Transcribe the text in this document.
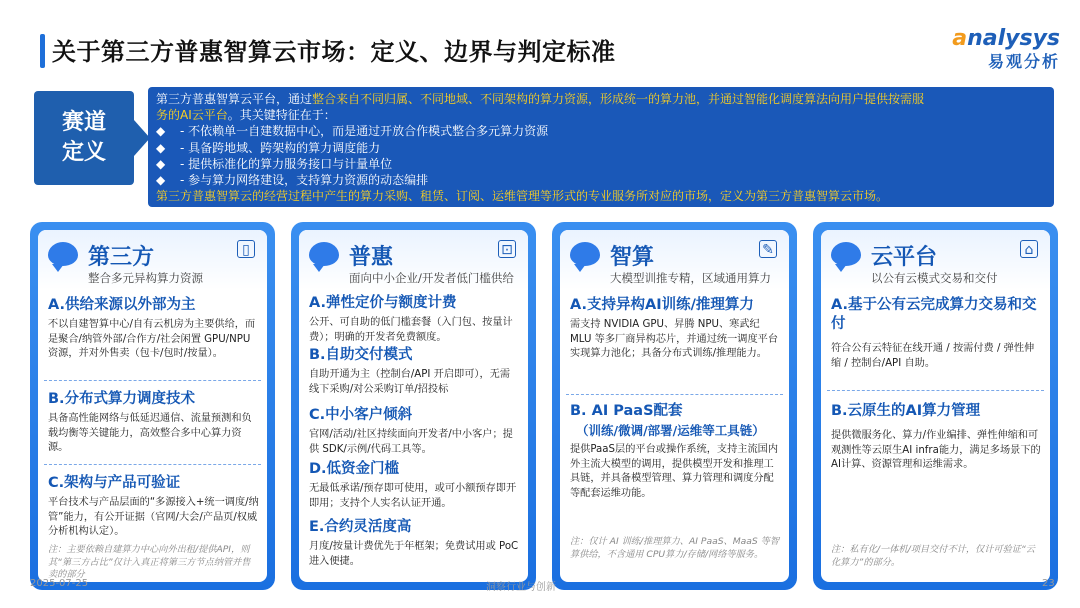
关于第三方普惠智算云市场：定义、边界与判定标准	analysys
易观分析
赛道
定义
第三方普惠智算云平台，通过整合来自不同归属、不同地域、不同架构的算力资源，形成统一的算力池，并通过智能化调度算法向用户提供按需服
务的AI云平台。其关键特征在于：
◆ - 不依赖单一自建数据中心，而是通过开放合作模式整合多元算力资源
◆ - 具备跨地域、跨架构的算力调度能力
◆ - 提供标准化的算力服务接口与计量单位
◆ - 参与算力网络建设，支持算力资源的动态编排
第三方普惠智算云的经营过程中产生的算力采购、租赁、订阅、运维管理等形式的专业服务所对应的市场，定义为第三方普惠智算云市场。
第三方
整合多元异构算力资源
▯
A.供给来源以外部为主
不以自建智算中心/自有云机房为主要供给，而是聚合/纳管外部/合作方/社会闲置 GPU/NPU 资源，并对外售卖（包卡/包时/按量）。
B.分布式算力调度技术
具备高性能网络与低延迟通信、流量预测和负载均衡等关键能力，高效整合多中心算力资源。
C.架构与产品可验证
平台技术与产品层面的“多源接入+统一调度/纳管”能力，有公开证据（官网/大会/产品页/权威分析机构认定）。
注：主要依赖自建算力中心向外出租/提供API，则其“第三方占比”仅计入真正将第三方节点纳管并售卖的部分
普惠
面向中小企业/开发者低门槛供给
⊡
A.弹性定价与额度计费
公开、可自助的低门槛套餐（入门包、按量计费）；明确的开发者免费额度。
B.自助交付模式
自助开通为主（控制台/API 开启即可），无需线下采购/对公采购订单/招投标
C.中小客户倾斜
官网/活动/社区持续面向开发者/中小客户；提供 SDK/示例/代码工具等。
D.低资金门槛
无最低承诺/预存即可使用，或可小额预存即开即用；支持个人实名认证开通。
E.合约灵活度高
月度/按量计费优先于年框架；免费试用或 PoC 进入便捷。
智算
大模型训推专精，区域通用算力
✎
A.支持异构AI训练/推理算力
需支持 NVIDIA GPU、昇腾 NPU、寒武纪 MLU 等多厂商异构芯片，并通过统一调度平台实现算力池化；具备分布式训练/推理能力。
B. AI PaaS配套
（训练/微调/部署/运维等工具链）
提供PaaS层的平台或操作系统，支持主流国内外主流大模型的调用，提供模型开发和推理工具链，并具备模型管理、算力管理和调度分配等配套运维功能。
注：仅计 AI 训练/推理算力、AI PaaS、MaaS 等智算供给，不含通用 CPU算力/存储/网络等服务。
云平台
以公有云模式交易和交付
⌂
A.基于公有云完成算力交易和交付
符合公有云特征在线开通 / 按需付费 / 弹性伸缩 / 控制台/API 自助。
B.云原生的AI算力管理
提供微服务化、算力/作业编排、弹性伸缩和可观测性等云原生AI infra能力，满足多场景下的AI计算、资源管理和运维需求。
注：私有化/一体机/项目交付不计，仅计可验证“云化算力”的部分。
2025-07-25	洞察行业与创新	23
